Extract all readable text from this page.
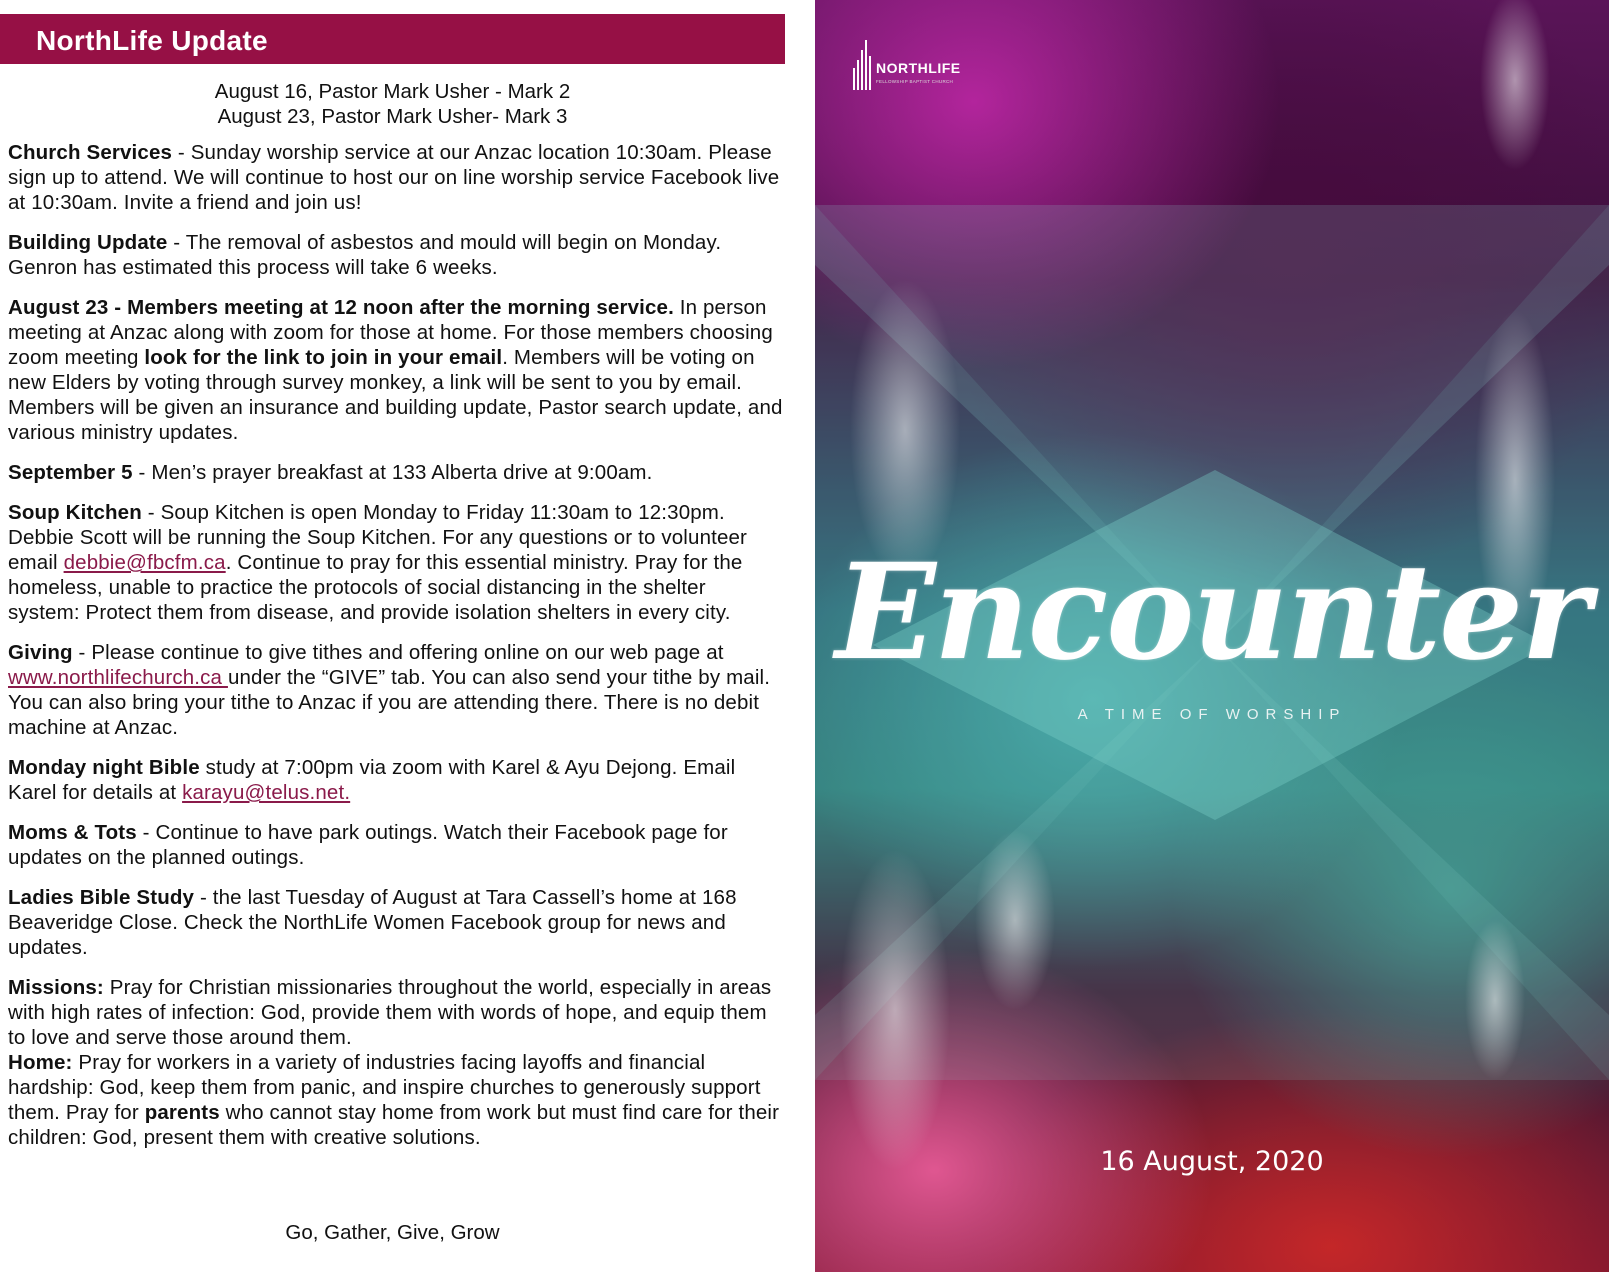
NorthLife Update
August 16, Pastor Mark Usher - Mark 2
August 23, Pastor Mark Usher- Mark 3

Church Services - Sunday worship service at our Anzac location 10:30am. Please sign up to attend. We will continue to host our on line worship service Facebook live at 10:30am. Invite a friend and join us!

Building Update - The removal of asbestos and mould will begin on Monday. Genron has estimated this process will take 6 weeks.

August 23 - Members meeting at 12 noon after the morning service. In person meeting at Anzac along with zoom for those at home. For those members choosing zoom meeting look for the link to join in your email. Members will be voting on new Elders by voting through survey monkey, a link will be sent to you by email. Members will be given an insurance and building update, Pastor search update, and various ministry updates.

September 5 - Men’s prayer breakfast at 133 Alberta drive at 9:00am.

Soup Kitchen - Soup Kitchen is open Monday to Friday 11:30am to 12:30pm. Debbie Scott will be running the Soup Kitchen. For any questions or to volunteer email debbie@fbcfm.ca. Continue to pray for this essential ministry. Pray for the homeless, unable to practice the protocols of social distancing in the shelter system: Protect them from disease, and provide isolation shelters in every city.

Giving - Please continue to give tithes and offering online on our web page at www.northlifechurch.ca under the “GIVE” tab. You can also send your tithe by mail. You can also bring your tithe to Anzac if you are attending there. There is no debit machine at Anzac.

Monday night Bible study at 7:00pm via zoom with Karel & Ayu Dejong. Email Karel for details at karayu@telus.net.

Moms & Tots - Continue to have park outings. Watch their Facebook page for updates on the planned outings.

Ladies Bible Study - the last Tuesday of August at Tara Cassell’s home at 168 Beaveridge Close. Check the NorthLife Women Facebook group for news and updates.

Missions: Pray for Christian missionaries throughout the world, especially in areas with high rates of infection: God, provide them with words of hope, and equip them to love and serve those around them.

Home: Pray for workers in a variety of industries facing layoffs and financial hardship: God, keep them from panic, and inspire churches to generously support them. Pray for parents who cannot stay home from work but must find care for their children: God, present them with creative solutions.

Go, Gather, Give, Grow
NORTHLIFE
FELLOWSHIP BAPTIST CHURCH
Encounter
A TIME OF WORSHIP
16 August, 2020
